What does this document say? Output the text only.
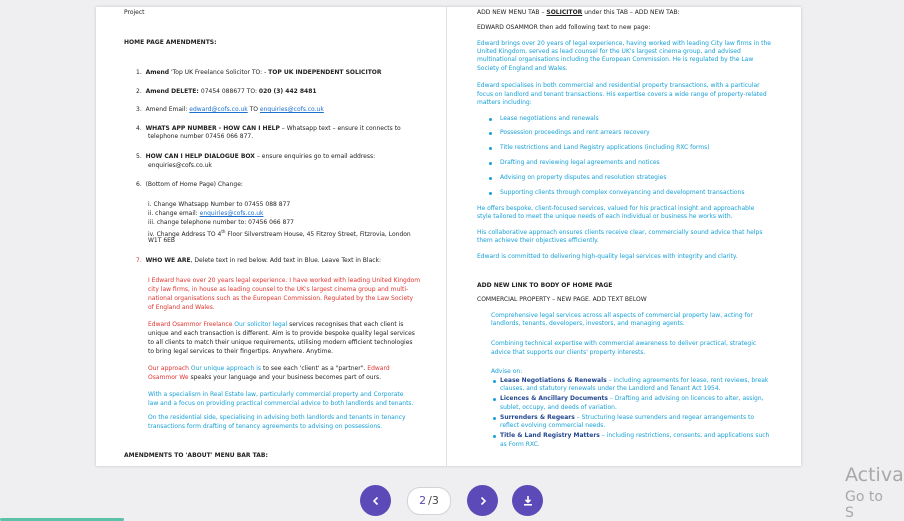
Project
HOME PAGE AMENDMENTS:
1. Amend 'Top UK Freelance Solicitor TO: - TOP UK INDEPENDENT SOLICITOR
2. Amend DELETE: 07454 088677 TO: 020 (3) 442 8481
3. Amend Email: edward@cofs.co.uk TO enquiries@cofs.co.uk
4. WHATS APP NUMBER - HOW CAN I HELP – Whatsapp text – ensure it connects to
telephone number 07456 066 877.
5. HOW CAN I HELP DIALOGUE BOX – ensure enquiries go to email address:
enquiries@cofs.co.uk
6. (Bottom of Home Page) Change:
i. Change Whatsapp Number to 07455 088 877
ii. change email: enquiries@cofs.co.uk
iii. change telephone number to: 07456 066 877
iv. Change Address TO 4th Floor Silverstream House, 45 Fitzroy Street, Fitzrovia, London
W1T 6EB
7. WHO WE ARE, Delete text in red below. Add text in Blue. Leave Text in Black:
I Edward have over 20 years legal experience. I have worked with leading United Kingdom
city law firms, in house as leading counsel to the UK's largest cinema group and multi-
national organisations such as the European Commission. Regulated by the Law Society
of England and Wales.
Edward Osammor Freelance Our solicitor legal services recognises that each client is
unique and each transaction is different. Aim is to provide bespoke quality legal services
to all clients to match their unique requirements, utilising modern efficient technologies
to bring legal services to their fingertips. Anywhere. Anytime.
Our approach Our unique approach is to see each 'client' as a "partner". Edward
Osammor We speaks your language and your business becomes part of ours.
With a specialism in Real Estate law, particularly commercial property and Corporate
law and a focus on providing practical commercial advice to both landlords and tenants.
On the residential side, specialising in advising both landlords and tenants in tenancy
transactions form drafting of tenancy agreements to advising on possessions.
AMENDMENTS TO 'ABOUT' MENU BAR TAB:
ADD NEW MENU TAB – SOLICITOR under this TAB – ADD NEW TAB:
EDWARD OSAMMOR then add following text to new page:
Edward brings over 20 years of legal experience, having worked with leading City law firms in the
United Kingdom, served as lead counsel for the UK's largest cinema group, and advised
multinational organisations including the European Commission. He is regulated by the Law
Society of England and Wales.
Edward specialises in both commercial and residential property transactions, with a particular
focus on landlord and tenant transactions. His expertise covers a wide range of property-related
matters including:
Lease negotiations and renewals
Possession proceedings and rent arrears recovery
Title restrictions and Land Registry applications (including RXC forms)
Drafting and reviewing legal agreements and notices
Advising on property disputes and resolution strategies
Supporting clients through complex conveyancing and development transactions
He offers bespoke, client-focused services, valued for his practical insight and approachable
style tailored to meet the unique needs of each individual or business he works with.
His collaborative approach ensures clients receive clear, commercially sound advice that helps
them achieve their objectives efficiently.
Edward is committed to delivering high-quality legal services with integrity and clarity.
ADD NEW LINK TO BODY OF HOME PAGE
COMMERCIAL PROPERTY – NEW PAGE. ADD TEXT BELOW
Comprehensive legal services across all aspects of commercial property law, acting for
landlords, tenants, developers, investors, and managing agents.
Combining technical expertise with commercial awareness to deliver practical, strategic
advice that supports our clients' property interests.
Advise on:
Lease Negotiations & Renewals – including agreements for lease, rent reviews, break
clauses, and statutory renewals under the Landlord and Tenant Act 1954.
Licences & Ancillary Documents – Drafting and advising on licences to alter, assign,
sublet, occupy, and deeds of variation.
Surrenders & Regears – Structuring lease surrenders and regear arrangements to
reflect evolving commercial needs.
Title & Land Registry Matters – including restrictions, consents, and applications such
as Form RXC.
2 / 3
Activa
Go to S
